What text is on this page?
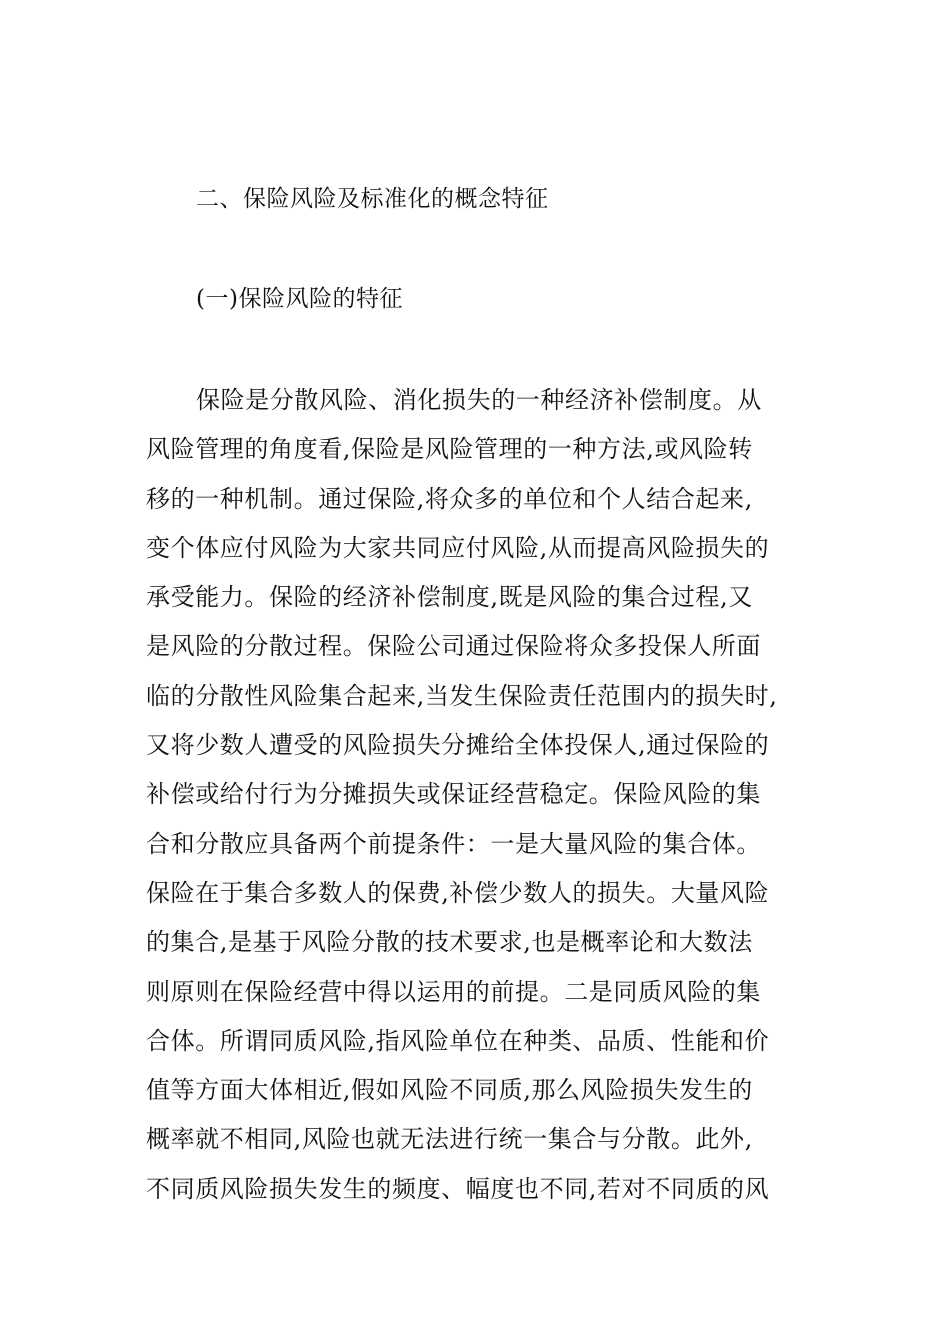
二、保险风险及标准化的概念特征
(一)保险风险的特征
保险是分散风险、消化损失的一种经济补偿制度。从
风险管理的角度看,保险是风险管理的一种方法,或风险转
移的一种机制。通过保险,将众多的单位和个人结合起来,
变个体应付风险为大家共同应付风险,从而提高风险损失的
承受能力。保险的经济补偿制度,既是风险的集合过程,又
是风险的分散过程。保险公司通过保险将众多投保人所面
临的分散性风险集合起来,当发生保险责任范围内的损失时,
又将少数人遭受的风险损失分摊给全体投保人,通过保险的
补偿或给付行为分摊损失或保证经营稳定。保险风险的集
合和分散应具备两个前提条件：一是大量风险的集合体。
保险在于集合多数人的保费,补偿少数人的损失。大量风险
的集合,是基于风险分散的技术要求,也是概率论和大数法
则原则在保险经营中得以运用的前提。二是同质风险的集
合体。所谓同质风险,指风险单位在种类、品质、性能和价
值等方面大体相近,假如风险不同质,那么风险损失发生的
概率就不相同,风险也就无法进行统一集合与分散。此外,
不同质风险损失发生的频度、幅度也不同,若对不同质的风
